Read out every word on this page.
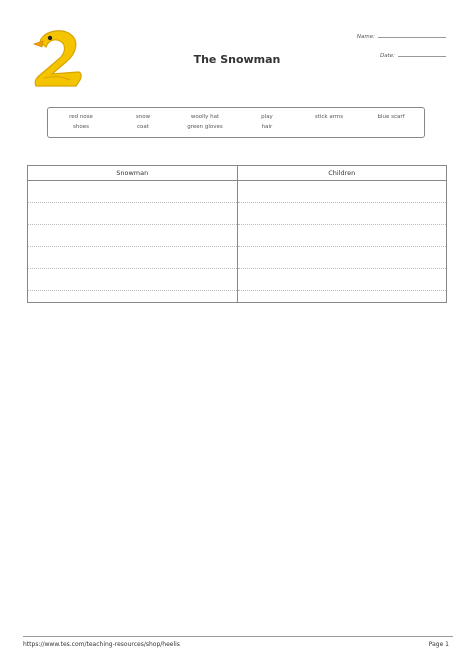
The Snowman
Name:
Date:
red nose	snow	woolly hat	play	stick arms	blue scarf
shoes	coat	green gloves	hair
Snowman	Children

https://www.tes.com/teaching-resources/shop/heelis	Page 1
